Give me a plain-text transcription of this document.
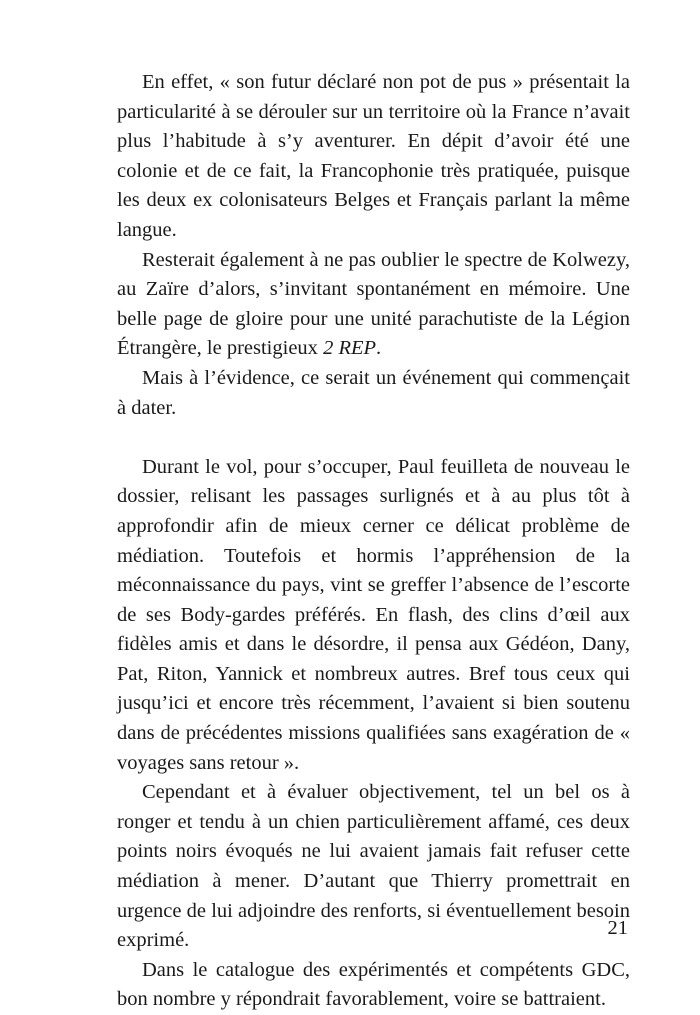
En effet, « son futur déclaré non pot de pus » présentait la particularité à se dérouler sur un territoire où la France n’avait plus l’habitude à s’y aventurer. En dépit d’avoir été une colonie et de ce fait, la Francophonie très pratiquée, puisque les deux ex colonisateurs Belges et Français parlant la même langue.

Resterait également à ne pas oublier le spectre de Kolwezy, au Zaïre d’alors, s’invitant spontanément en mémoire. Une belle page de gloire pour une unité parachutiste de la Légion Étrangère, le prestigieux 2 REP.

Mais à l’évidence, ce serait un événement qui commençait à dater.

Durant le vol, pour s’occuper, Paul feuilleta de nouveau le dossier, relisant les passages surlignés et à au plus tôt à approfondir afin de mieux cerner ce délicat problème de médiation. Toutefois et hormis l’appréhension de la méconnaissance du pays, vint se greffer l’absence de l’escorte de ses Body-gardes préférés. En flash, des clins d’œil aux fidèles amis et dans le désordre, il pensa aux Gédéon, Dany, Pat, Riton, Yannick et nombreux autres. Bref tous ceux qui jusqu’ici et encore très récemment, l’avaient si bien soutenu dans de précédentes missions qualifiées sans exagération de « voyages sans retour ».

Cependant et à évaluer objectivement, tel un bel os à ronger et tendu à un chien particulièrement affamé, ces deux points noirs évoqués ne lui avaient jamais fait refuser cette médiation à mener. D’autant que Thierry promettrait en urgence de lui adjoindre des renforts, si éventuellement besoin exprimé.

Dans le catalogue des expérimentés et compétents GDC, bon nombre y répondrait favorablement, voire se battraient.

21
